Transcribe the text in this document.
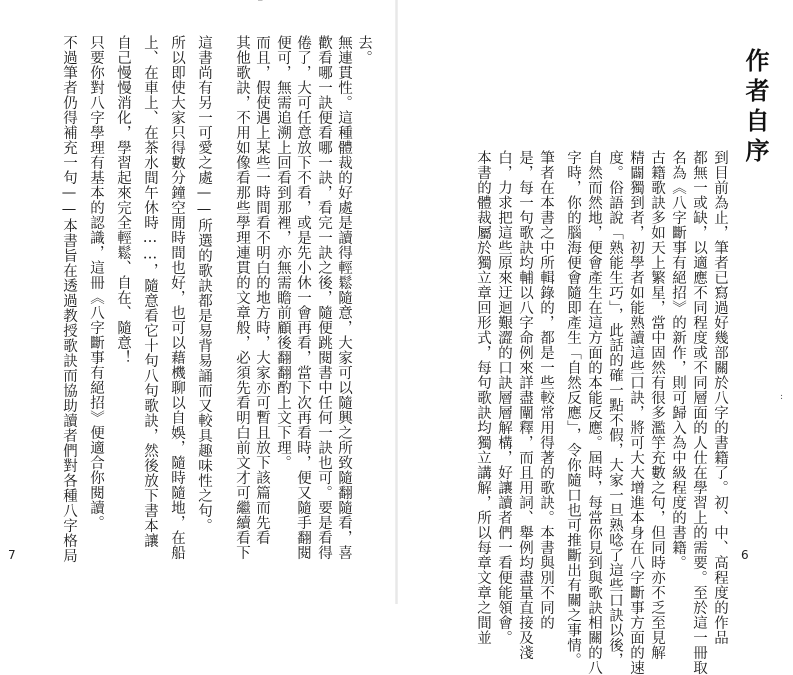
去。
無連貫性。這種體裁的好處是讀得輕鬆隨意，大家可以隨興之所致隨翻隨看，喜
歡看哪一訣便看哪一訣，看完一訣之後，隨便跳閱書中任何一訣也可。要是看得
倦了，大可任意放下不看，或是先小休一會再看，當下次再看時，便又隨手翻閱
便可，無需追溯上回看到那裡，亦無需瞻前顧後翻翻酌上文下理。
而且，假使遇上某些一時間看不明白的地方時，大家亦可暫且放下該篇而先看
其他歌訣，不用如像看那些學理連貫的文章般，必須先看明白前文才可繼續看下
這書尚有另一可愛之處——所選的歌訣都是易背易誦而又較具趣味性之句。
所以即使大家只得數分鐘空閒時間也好，也可以藉機聊以自娛，隨時隨地，在船
上、在車上、在茶水間午休時……，隨意看它十句八句歌訣，然後放下書本讓
自己慢慢消化，學習起來完全輕鬆、自在、隨意！
只要你對八字學理有基本的認識，這冊《八字斷事有絕招》便適合你閱讀。
不過筆者仍得補充一句——本書旨在透過教授歌訣而協助讀者們對各種八字格局
7
作者自序
到目前為止，筆者已寫過好幾部關於八字的書籍了。初、中、高程度的作品
都無一或缺，以適應不同程度或不同層面的人仕在學習上的需要。至於這一冊取
名為《八字斷事有絕招》的新作，則可歸入為中級程度的書籍。
古籍歌訣多如天上繁星，當中固然有很多濫竽充數之句，但同時亦不乏至見解
精闢獨到者，初學者如能熟讀這些口訣，將可大大增進本身在八字斷事方面的速
度。俗語說「熟能生巧」，此話的確一點不假，大家一旦熟唸了這些口訣以後，
自然而然地，便會產生在這方面的本能反應。屆時，每當你見到與歌訣相關的八
字時，你的腦海便會隨即產生「自然反應」，令你隨口也可推斷出有關之事情。
筆者在本書之中所輯錄的，都是一些較常用得著的歌訣。本書與別不同的
是，每一句歌訣均輔以八字命例來詳盡闡釋，而且用詞、舉例均盡量直接及淺
白，力求把這些原來迂迴艱澀的口訣層層解構，好讓讀者們一看便能領會。
本書的體裁屬於獨立章回形式，每句歌訣均獨立講解，所以每章文章之間並	6
‾
:
